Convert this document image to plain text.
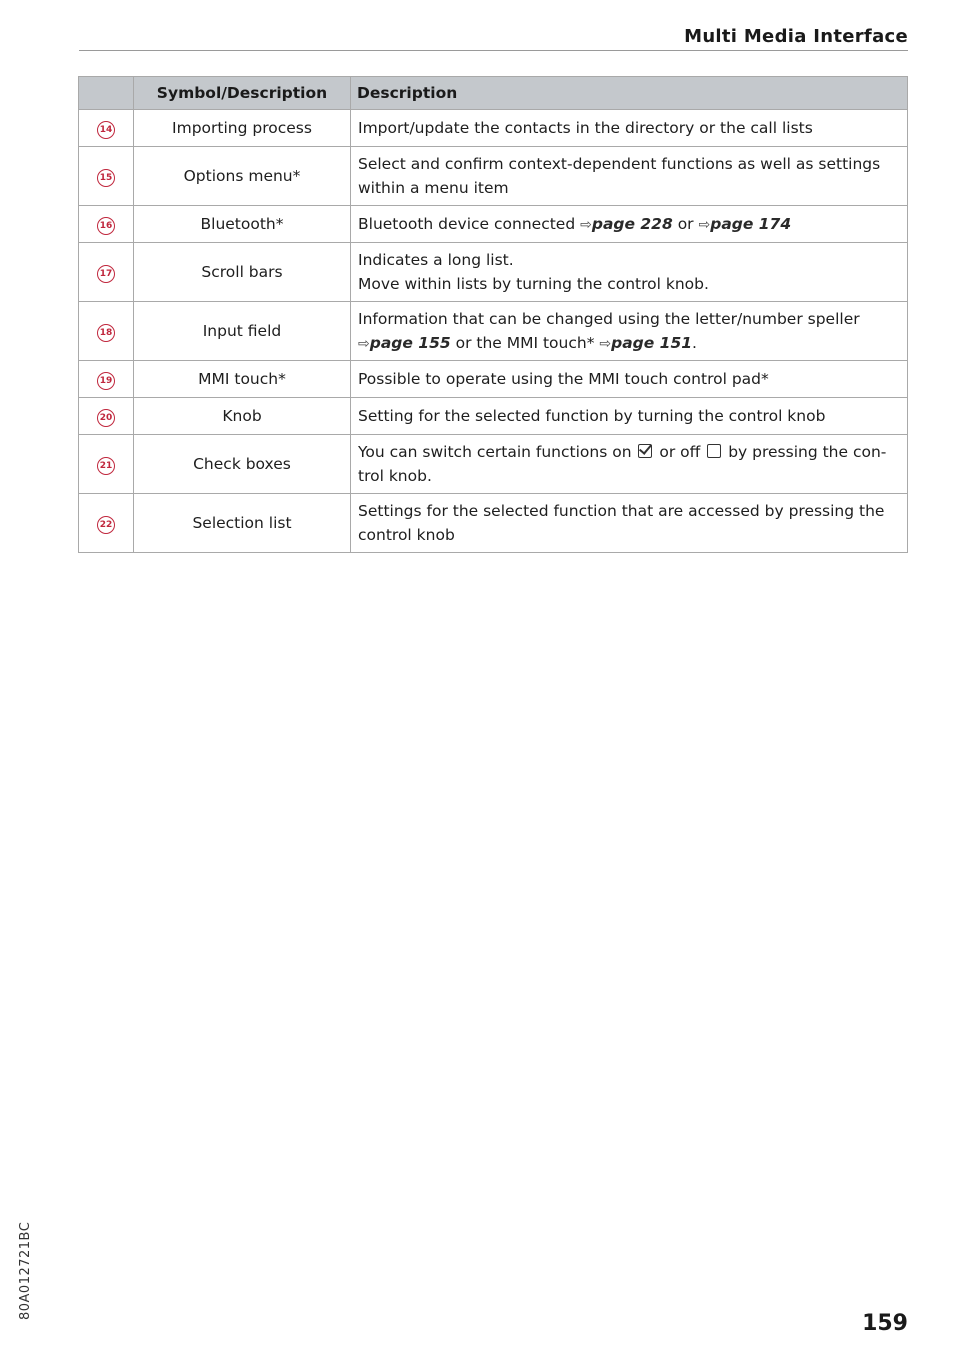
Multi Media Interface
	Symbol/Description	Description
14	Importing process	Import/update the contacts in the directory or the call lists
15	Options menu*	Select and confirm context-dependent functions as well as settings
within a menu item
16	Bluetooth*	Bluetooth device connected ⇨page 228 or ⇨page 174
17	Scroll bars	Indicates a long list.
Move within lists by turning the control knob.
18	Input field	Information that can be changed using the letter/number speller
⇨page 155 or the MMI touch* ⇨page 151.
19	MMI touch*	Possible to operate using the MMI touch control pad*
20	Knob	Setting for the selected function by turning the control knob
21	Check boxes	You can switch certain functions on  or off  by pressing the con-
trol knob.
22	Selection list	Settings for the selected function that are accessed by pressing the
control knob
80A012721BC
159
